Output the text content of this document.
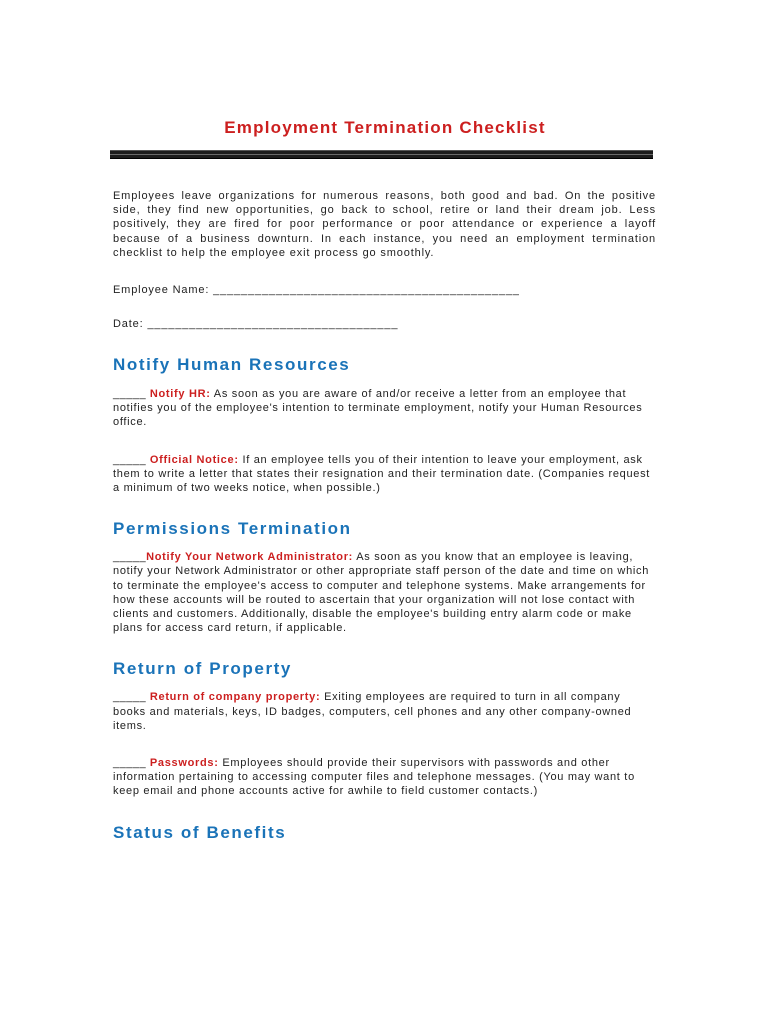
Employment Termination Checklist

Employees leave organizations for numerous reasons, both good and bad. On the positive side, they find new opportunities, go back to school, retire or land their dream job. Less positively, they are fired for poor performance or poor attendance or experience a layoff because of a business downturn. In each instance, you need an employment termination checklist to help the employee exit process go smoothly.

Employee Name: ____________________________________________

Date: ____________________________________

Notify Human Resources

_____ Notify HR: As soon as you are aware of and/or receive a letter from an employee that notifies you of the employee's intention to terminate employment, notify your Human Resources office.

_____ Official Notice: If an employee tells you of their intention to leave your employment, ask them to write a letter that states their resignation and their termination date. (Companies request a minimum of two weeks notice, when possible.)

Permissions Termination

_____Notify Your Network Administrator: As soon as you know that an employee is leaving, notify your Network Administrator or other appropriate staff person of the date and time on which to terminate the employee's access to computer and telephone systems. Make arrangements for how these accounts will be routed to ascertain that your organization will not lose contact with clients and customers. Additionally, disable the employee's building entry alarm code or make plans for access card return, if applicable.

Return of Property

_____ Return of company property: Exiting employees are required to turn in all company books and materials, keys, ID badges, computers, cell phones and any other company-owned items.

_____ Passwords: Employees should provide their supervisors with passwords and other information pertaining to accessing computer files and telephone messages. (You may want to keep email and phone accounts active for awhile to field customer contacts.)

Status of Benefits
